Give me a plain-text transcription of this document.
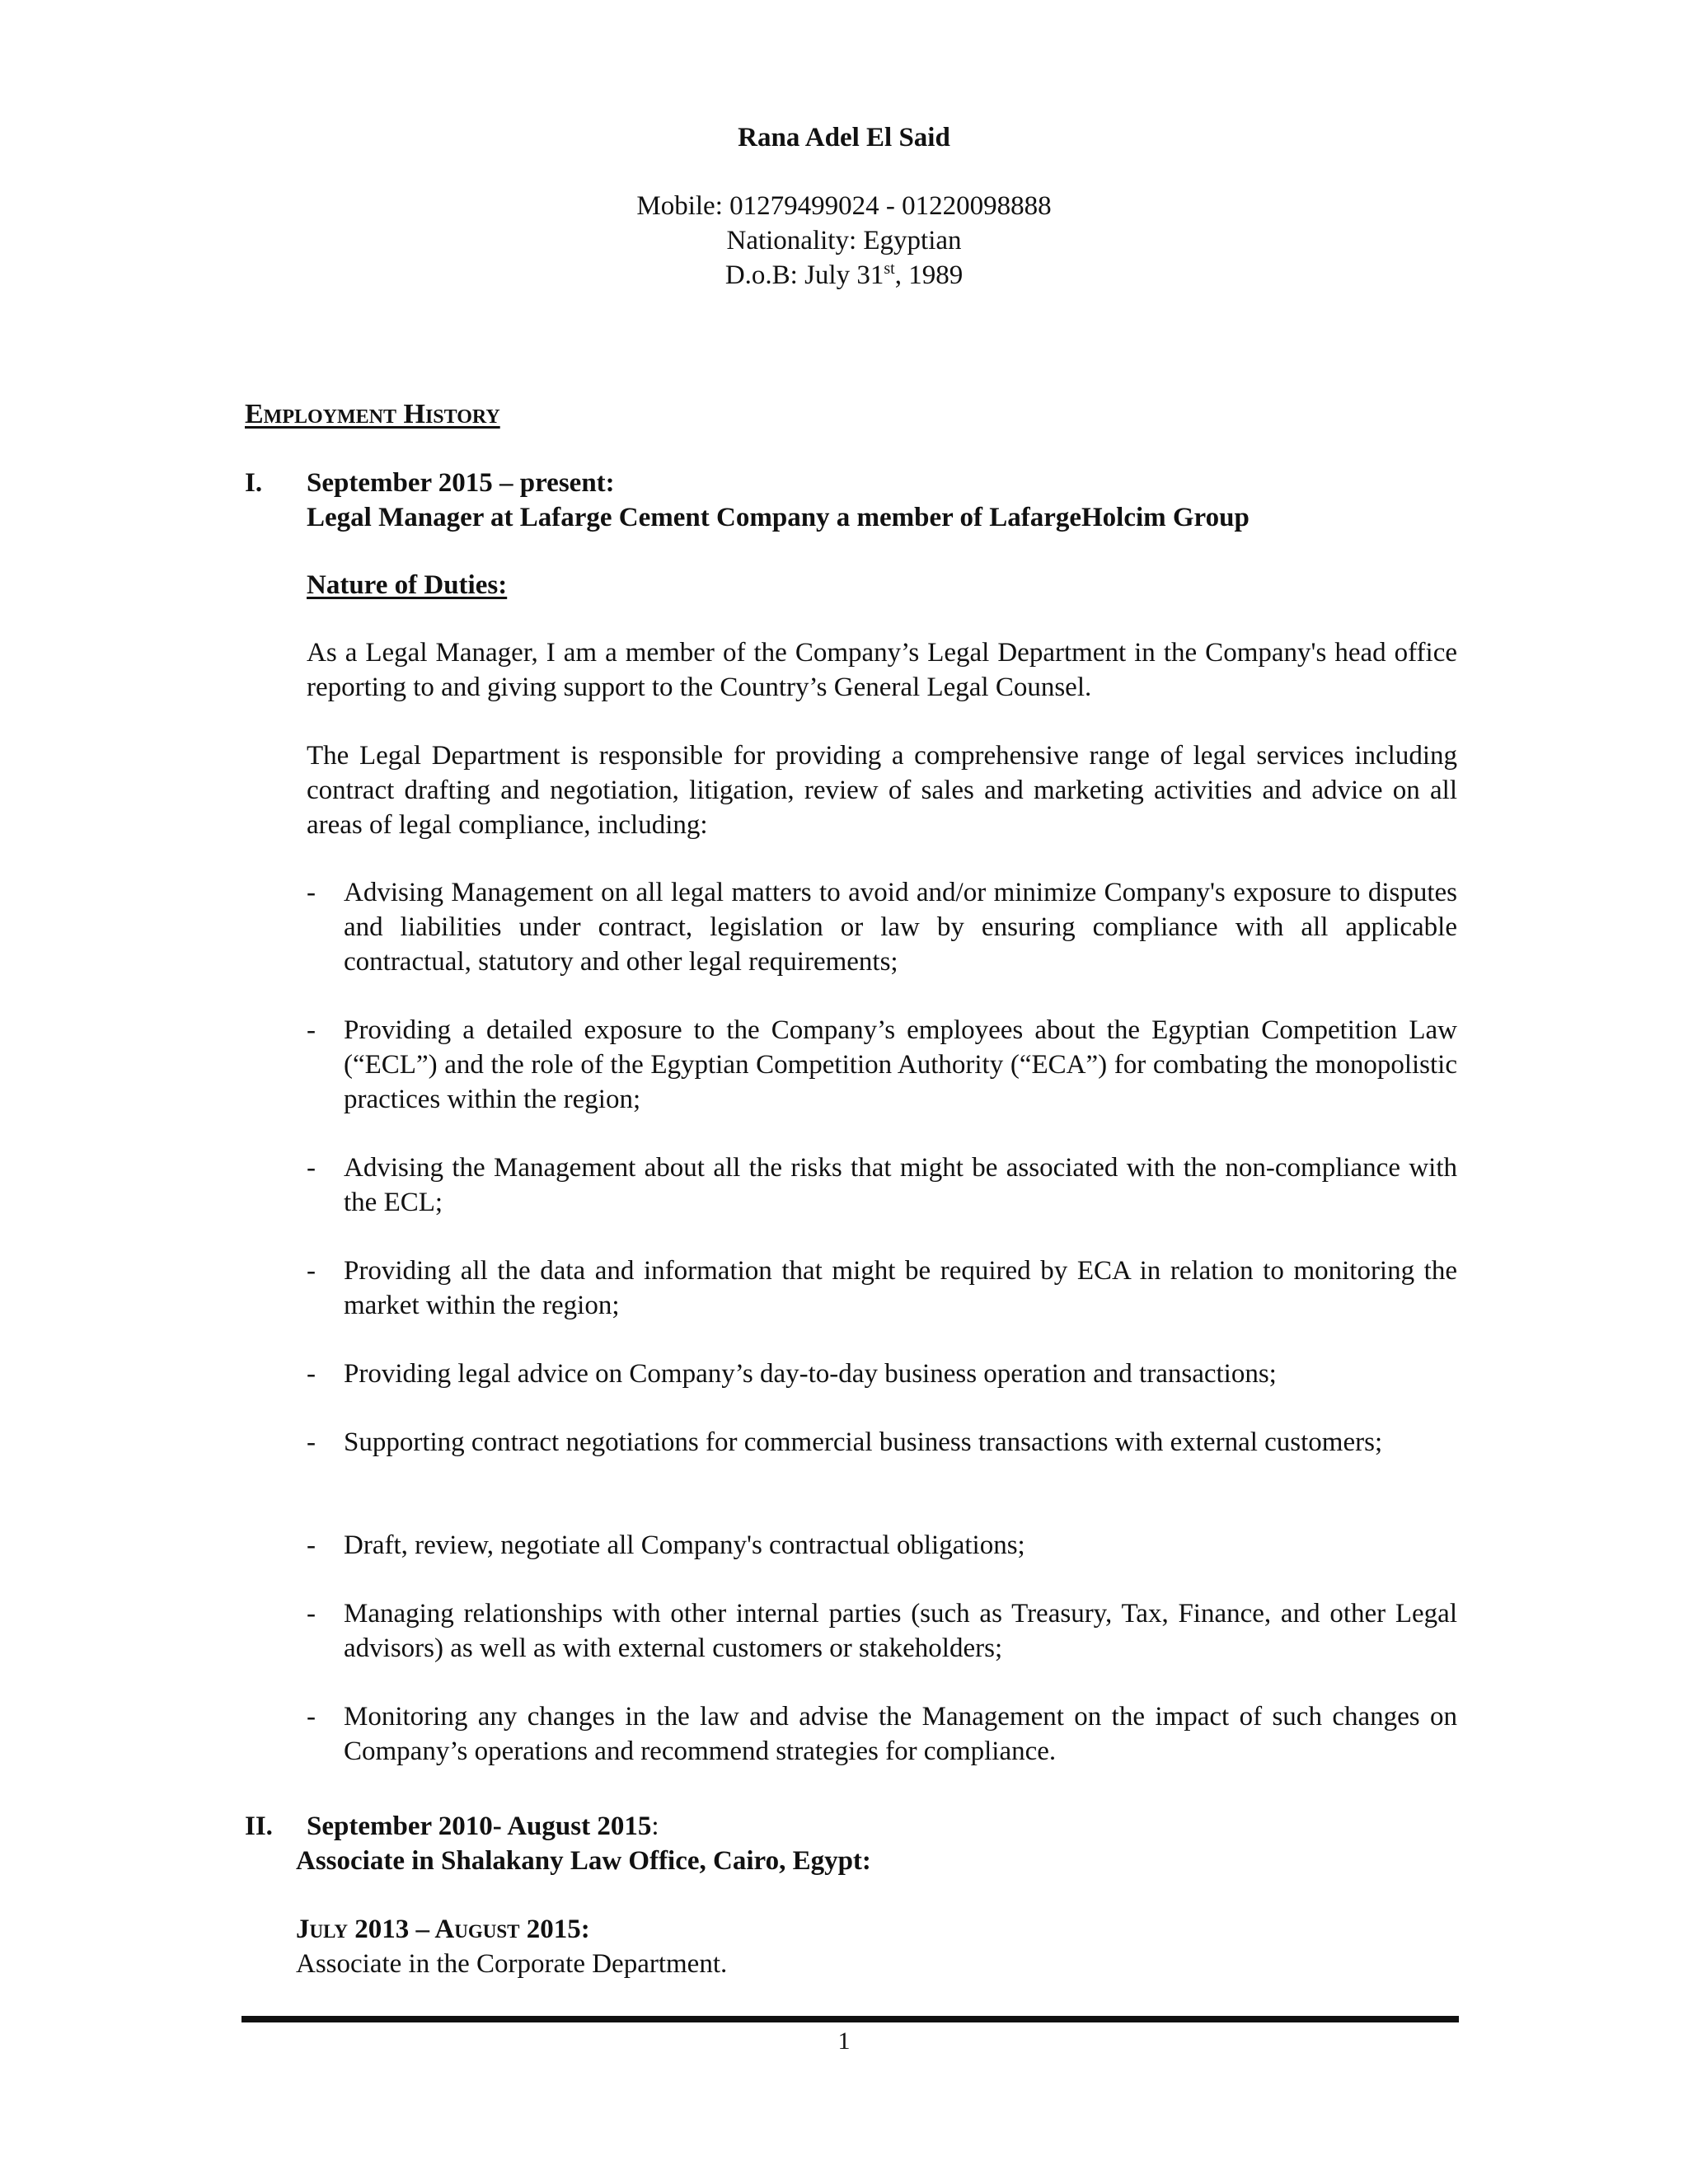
Rana Adel El Said
Mobile: 01279499024 - 01220098888
Nationality: Egyptian
D.o.B: July 31st, 1989
Employment History
I. September 2015 – present:
Legal Manager at Lafarge Cement Company a member of LafargeHolcim Group
Nature of Duties:

As a Legal Manager, I am a member of the Company’s Legal Department in the Company's head office reporting to and giving support to the Country’s General Legal Counsel.

The Legal Department is responsible for providing a comprehensive range of legal services including contract drafting and negotiation, litigation, review of sales and marketing activities and advice on all areas of legal compliance, including:

- Advising Management on all legal matters to avoid and/or minimize Company's exposure to disputes and liabilities under contract, legislation or law by ensuring compliance with all applicable contractual, statutory and other legal requirements;
- Providing a detailed exposure to the Company’s employees about the Egyptian Competition Law (“ECL”) and the role of the Egyptian Competition Authority (“ECA”) for combating the monopolistic practices within the region;
- Advising the Management about all the risks that might be associated with the non-compliance with the ECL;
- Providing all the data and information that might be required by ECA in relation to monitoring the market within the region;
- Providing legal advice on Company’s day-to-day business operation and transactions;
- Supporting contract negotiations for commercial business transactions with external customers;
- Draft, review, negotiate all Company's contractual obligations;
- Managing relationships with other internal parties (such as Treasury, Tax, Finance, and other Legal advisors) as well as with external customers or stakeholders;
- Monitoring any changes in the law and advise the Management on the impact of such changes on Company’s operations and recommend strategies for compliance.
II. September 2010- August 2015:
Associate in Shalakany Law Office, Cairo, Egypt:
July 2013 – August 2015:
Associate in the Corporate Department.
1
